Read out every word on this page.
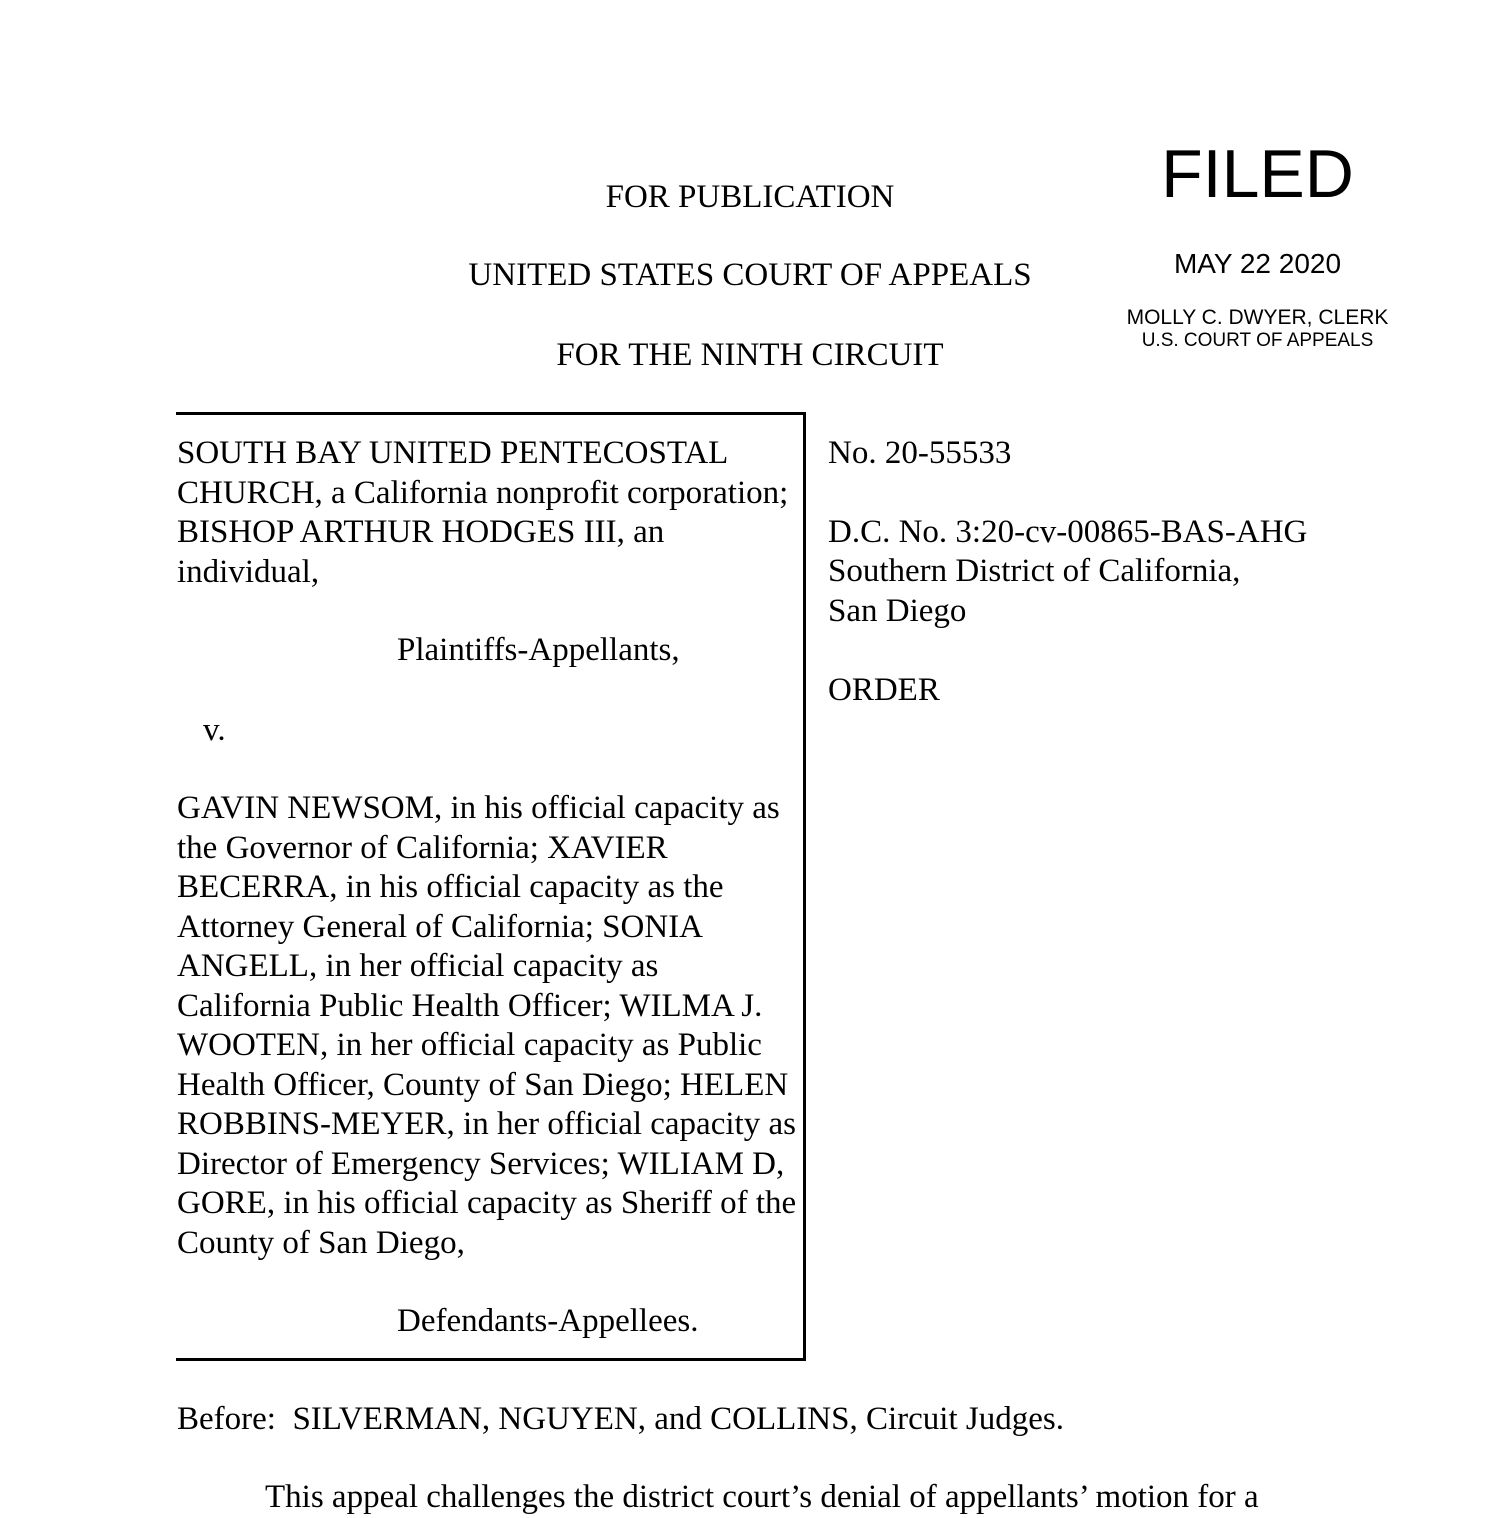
FOR PUBLICATION
UNITED STATES COURT OF APPEALS
FOR THE NINTH CIRCUIT
FILED
MAY 22 2020
MOLLY C. DWYER, CLERK
U.S. COURT OF APPEALS
SOUTH BAY UNITED PENTECOSTAL CHURCH, a California nonprofit corporation; BISHOP ARTHUR HODGES III, an individual,
Plaintiffs-Appellants,
v.
GAVIN NEWSOM, in his official capacity as the Governor of California; XAVIER BECERRA, in his official capacity as the Attorney General of California; SONIA ANGELL, in her official capacity as California Public Health Officer; WILMA J. WOOTEN, in her official capacity as Public Health Officer, County of San Diego; HELEN ROBBINS-MEYER, in her official capacity as Director of Emergency Services; WILIAM D, GORE, in his official capacity as Sheriff of the County of San Diego,
Defendants-Appellees.
No. 20-55533
D.C. No. 3:20-cv-00865-BAS-AHG
Southern District of California,
San Diego
ORDER
Before:  SILVERMAN, NGUYEN, and COLLINS, Circuit Judges.
This appeal challenges the district court’s denial of appellants’ motion for a
